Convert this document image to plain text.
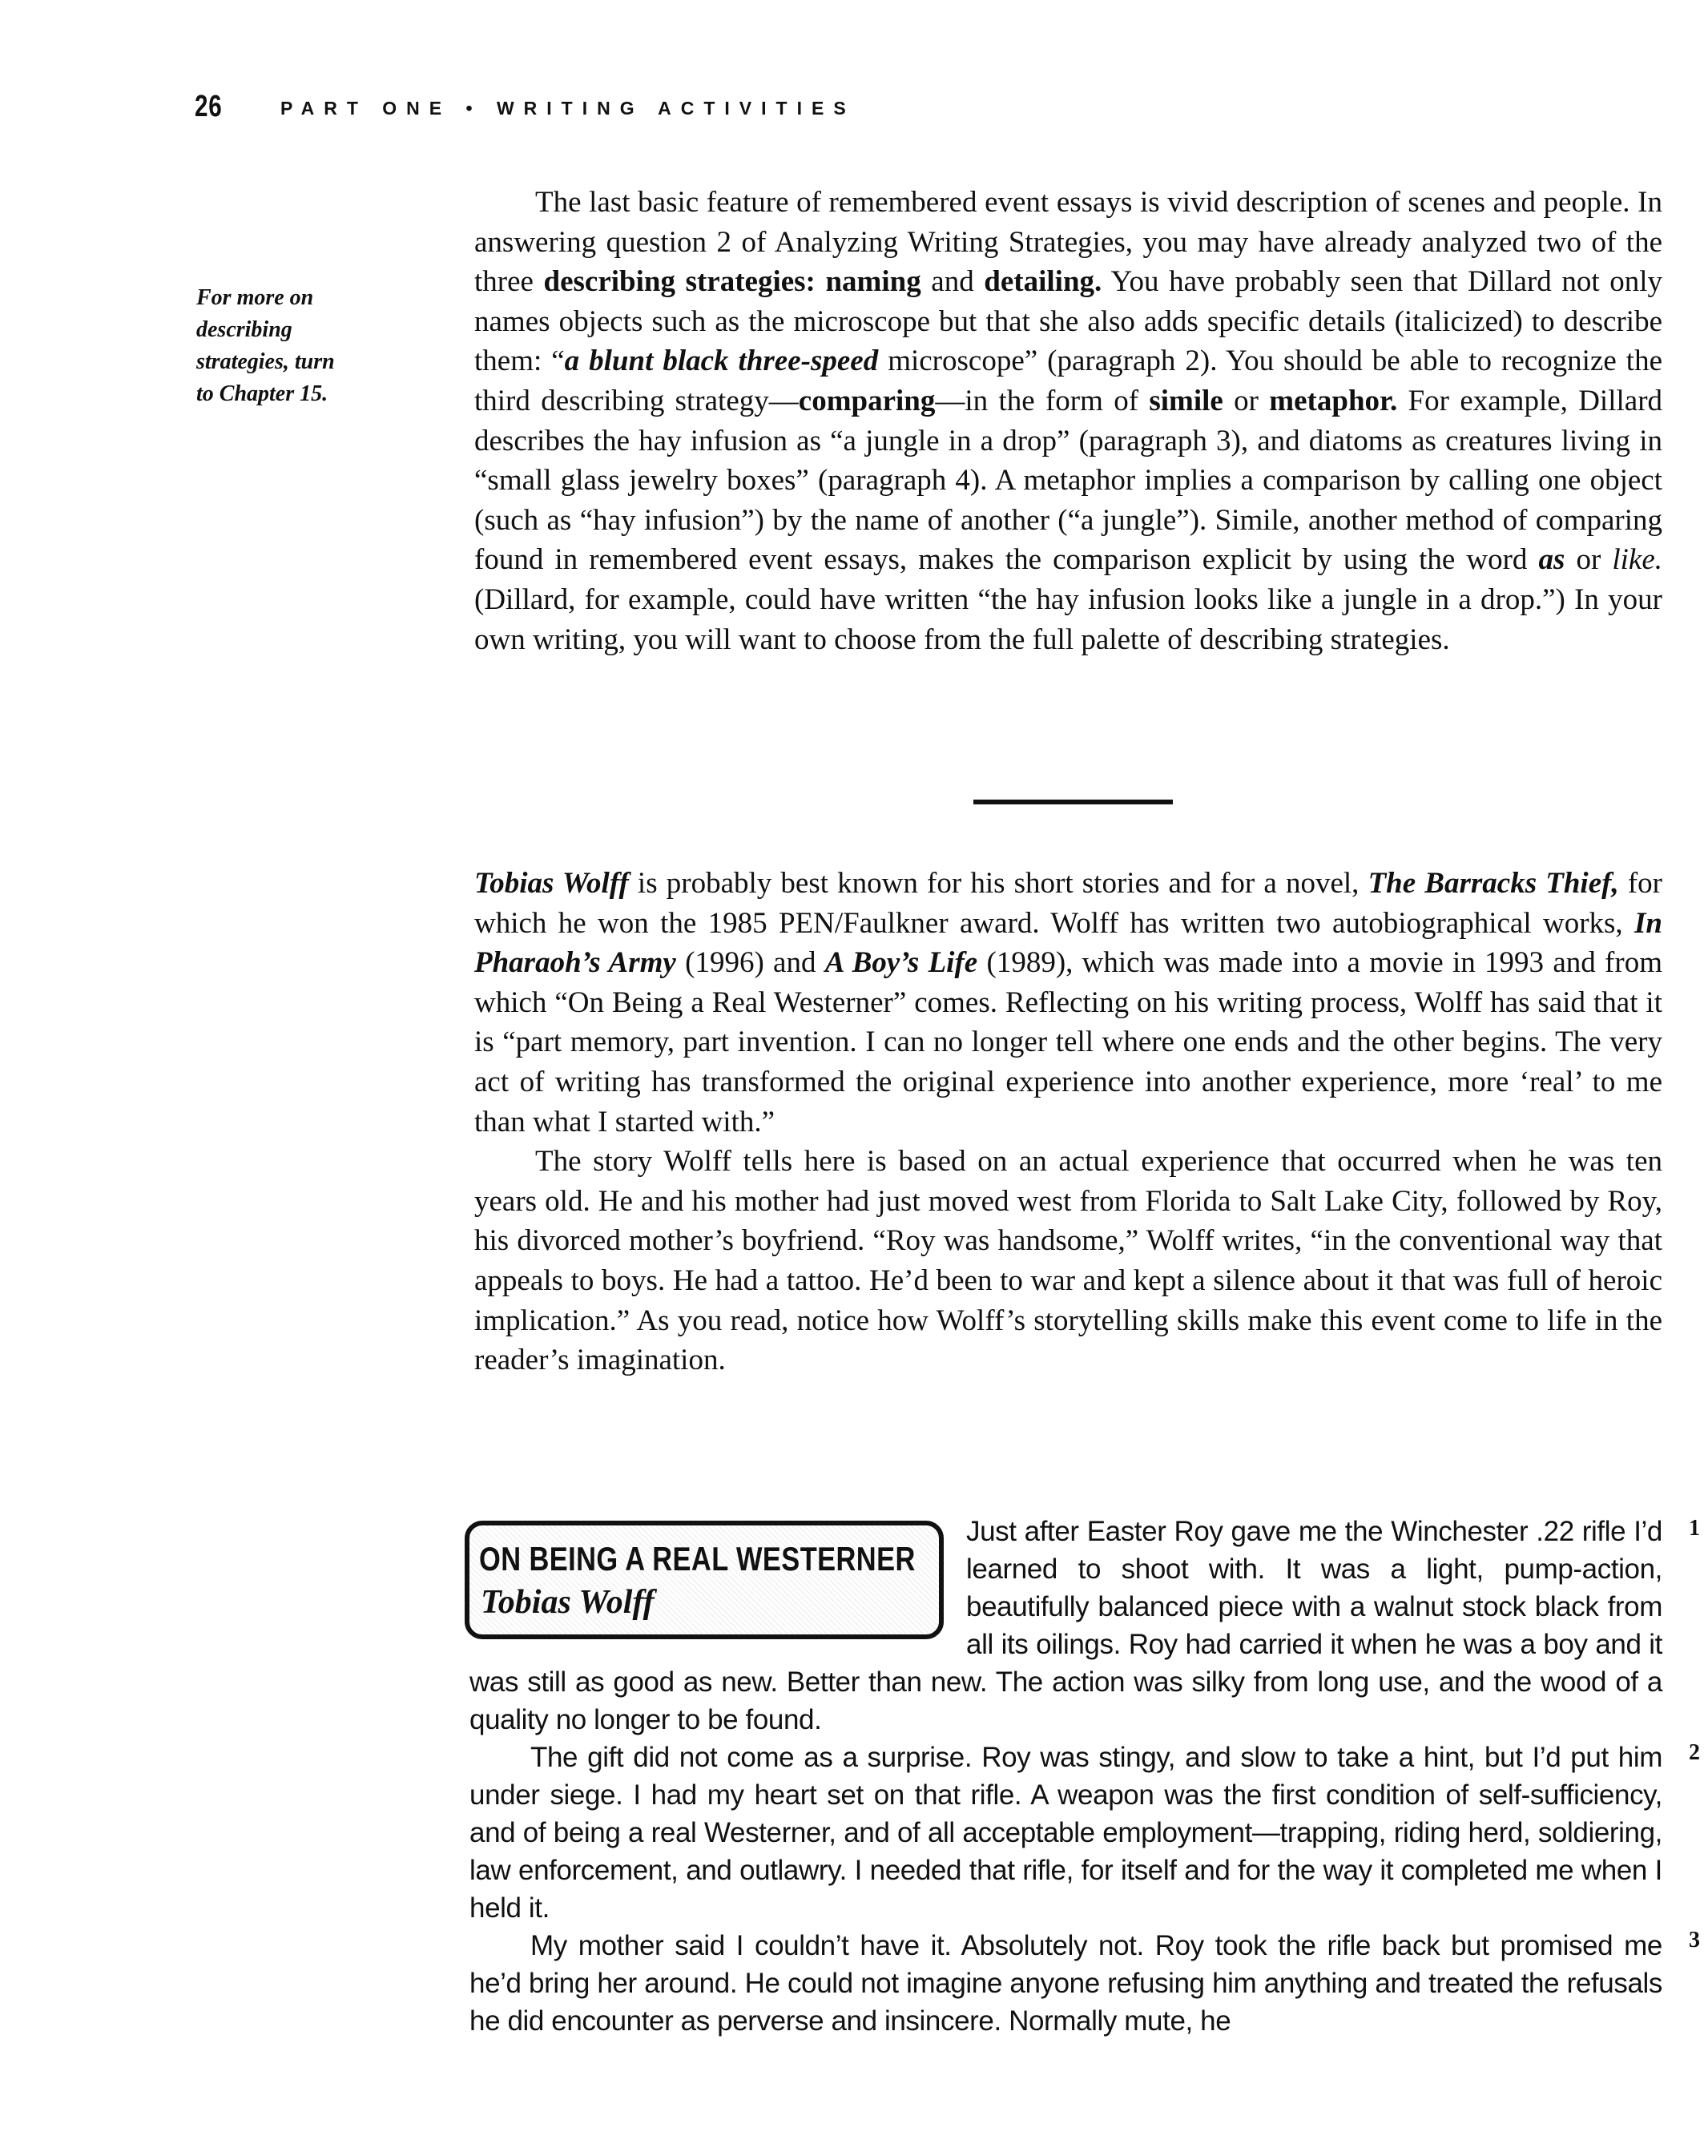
26	PART ONE • WRITING ACTIVITIES
For more on
describing
strategies, turn
to Chapter 15.

The last basic feature of remembered event essays is vivid description of scenes and people. In answering question 2 of Analyzing Writing Strategies, you may have already analyzed two of the three describing strategies: naming and detailing. You have probably seen that Dillard not only names objects such as the microscope but that she also adds specific details (italicized) to describe them: “a blunt black three-speed microscope” (paragraph 2). You should be able to recognize the third describing strategy—comparing—in the form of simile or metaphor. For example, Dillard describes the hay infusion as “a jungle in a drop” (paragraph 3), and diatoms as creatures living in “small glass jewelry boxes” (paragraph 4). A metaphor implies a comparison by calling one object (such as “hay infusion”) by the name of another (“a jungle”). Simile, another method of comparing found in remembered event essays, makes the comparison explicit by using the word as or like. (Dillard, for example, could have written “the hay infusion looks like a jungle in a drop.”) In your own writing, you will want to choose from the full palette of describing strategies.

Tobias Wolff is probably best known for his short stories and for a novel, The Barracks Thief, for which he won the 1985 PEN/Faulkner award. Wolff has written two autobiographical works, In Pharaoh’s Army (1996) and A Boy’s Life (1989), which was made into a movie in 1993 and from which “On Being a Real Westerner” comes. Reflecting on his writing process, Wolff has said that it is “part memory, part invention. I can no longer tell where one ends and the other begins. The very act of writing has transformed the original experience into another experience, more ‘real’ to me than what I started with.”

The story Wolff tells here is based on an actual experience that occurred when he was ten years old. He and his mother had just moved west from Florida to Salt Lake City, followed by Roy, his divorced mother’s boyfriend. “Roy was handsome,” Wolff writes, “in the conventional way that appeals to boys. He had a tattoo. He’d been to war and kept a silence about it that was full of heroic implication.” As you read, notice how Wolff’s storytelling skills make this event come to life in the reader’s imagination.

ON BEING A REAL WESTERNER
Tobias Wolff

Just after Easter Roy gave me the Winchester .22 rifle I’d learned to shoot with. It was a light, pump-action, beautifully balanced piece with a walnut stock black from all its oilings. Roy had carried it when he was a boy and it was still as good as new. Better than new. The action was silky from long use, and the wood of a quality no longer to be found.

The gift did not come as a surprise. Roy was stingy, and slow to take a hint, but I’d put him under siege. I had my heart set on that rifle. A weapon was the first condition of self-sufficiency, and of being a real Westerner, and of all acceptable employment—trapping, riding herd, soldiering, law enforcement, and outlawry. I needed that rifle, for itself and for the way it completed me when I held it.

My mother said I couldn’t have it. Absolutely not. Roy took the rifle back but promised me he’d bring her around. He could not imagine anyone refusing him anything and treated the refusals he did encounter as perverse and insincere. Normally mute, he

1
2
3
